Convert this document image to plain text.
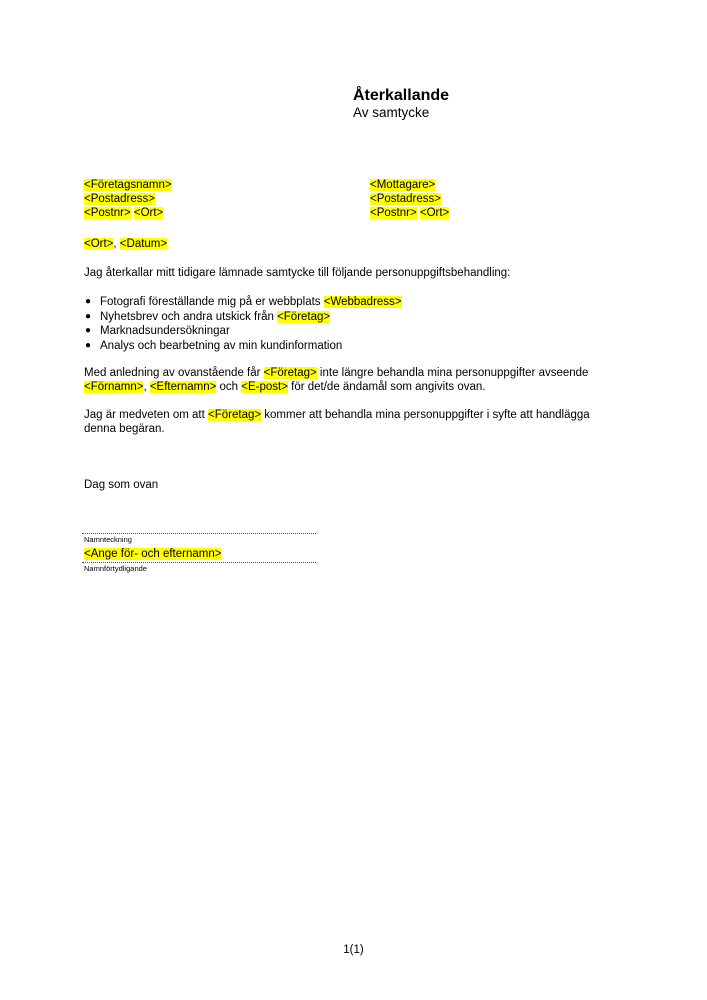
Återkallande
Av samtycke
<Företagsnamn>
<Postadress>
<Postnr> <Ort>
<Mottagare>
<Postadress>
<Postnr> <Ort>
<Ort>, <Datum>
Jag återkallar mitt tidigare lämnade samtycke till följande personuppgiftsbehandling:
● Fotografi föreställande mig på er webbplats <Webbadress>
● Nyhetsbrev och andra utskick från <Företag>
● Marknadsundersökningar
● Analys och bearbetning av min kundinformation
Med anledning av ovanstående får <Företag> inte längre behandla mina personuppgifter avseende
<Förnamn>, <Efternamn> och <E-post> för det/de ändamål som angivits ovan.
Jag är medveten om att <Företag> kommer att behandla mina personuppgifter i syfte att handlägga
denna begäran.
Dag som ovan
Namnteckning
<Ange för- och efternamn>
Namnförtydligande
1(1)
